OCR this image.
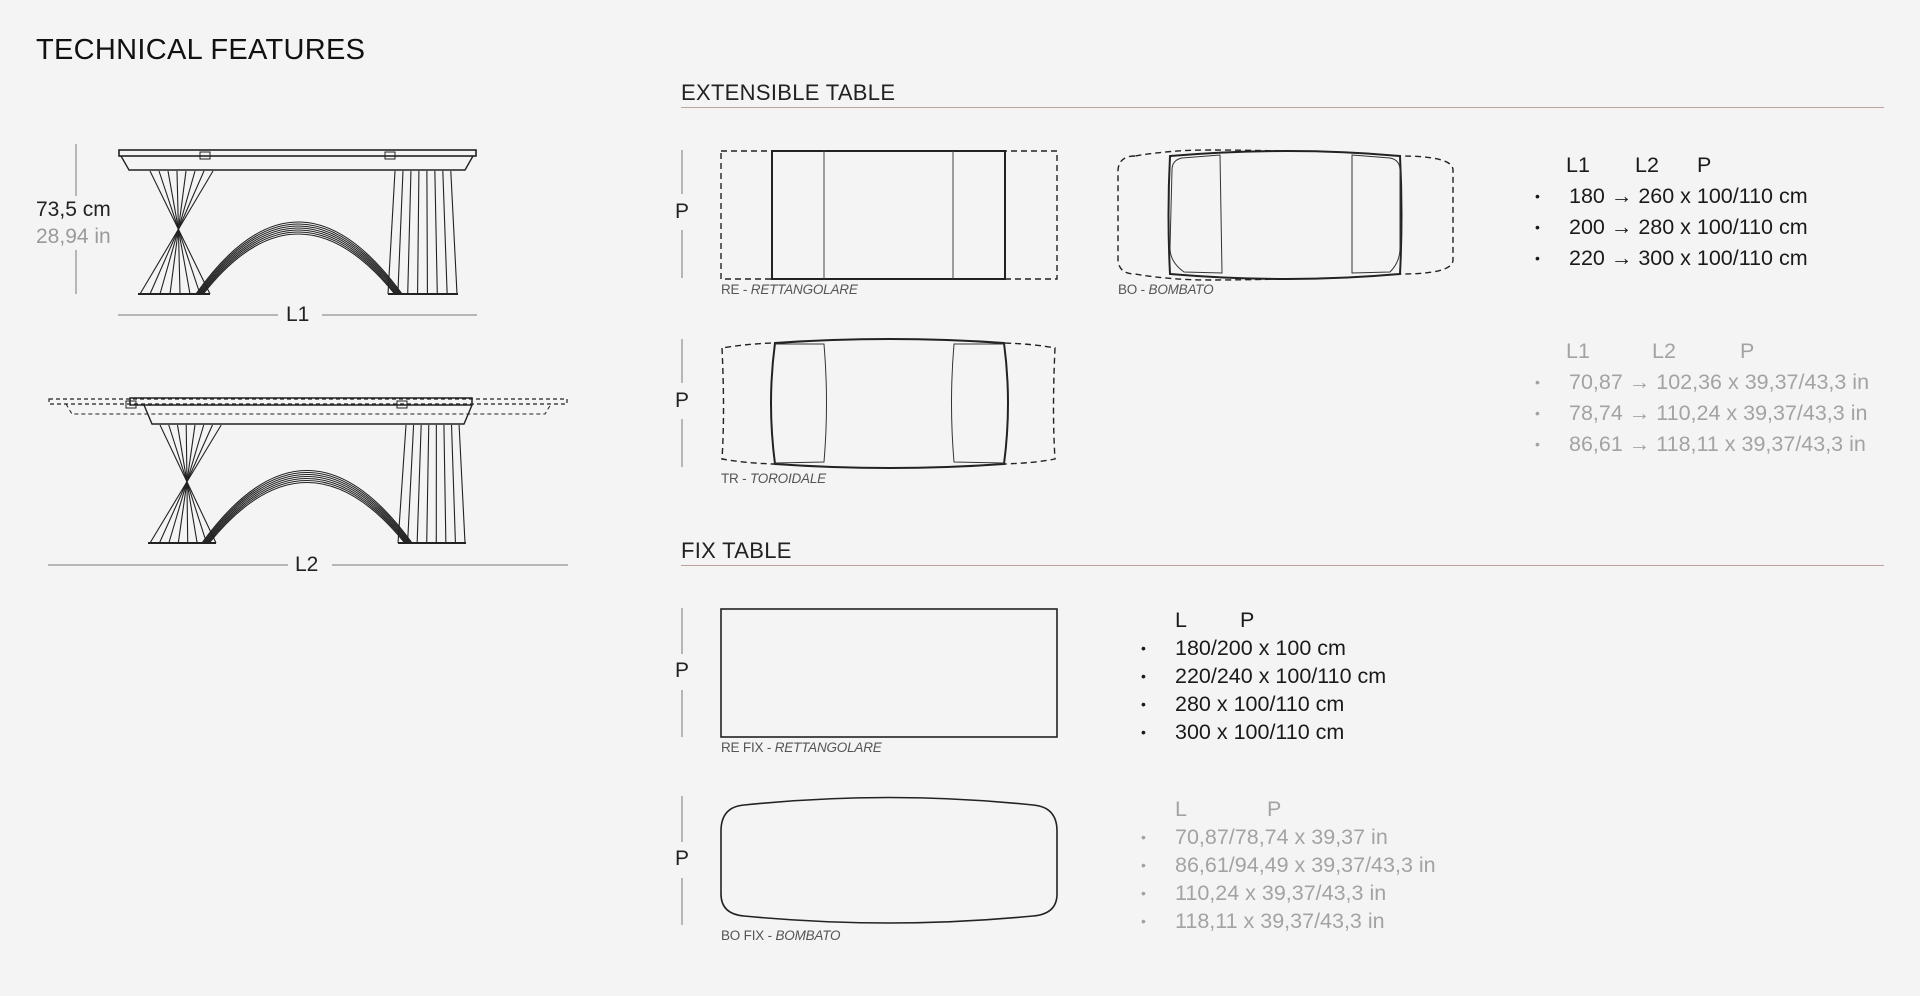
TECHNICAL FEATURES
73,5 cm
28,94 in
L1
L2
EXTENSIBLE TABLE
P
P
RE - RETTANGOLARE	BO - BOMBATO
TR - TOROIDALE
L1	L2	P
• 180 → 260 x 100/110 cm
• 200 → 280 x 100/110 cm
• 220 → 300 x 100/110 cm
L1	L2	P
• 70,87 → 102,36 x 39,37/43,3 in
• 78,74 → 110,24 x 39,37/43,3 in
• 86,61 → 118,11 x 39,37/43,3 in
FIX TABLE
P
P
RE FIX - RETTANGOLARE
BO FIX - BOMBATO
L	P
• 180/200 x 100 cm
• 220/240 x 100/110 cm
• 280 x 100/110 cm
• 300 x 100/110 cm
L	P
• 70,87/78,74 x 39,37 in
• 86,61/94,49 x 39,37/43,3 in
• 110,24 x 39,37/43,3 in
• 118,11 x 39,37/43,3 in
